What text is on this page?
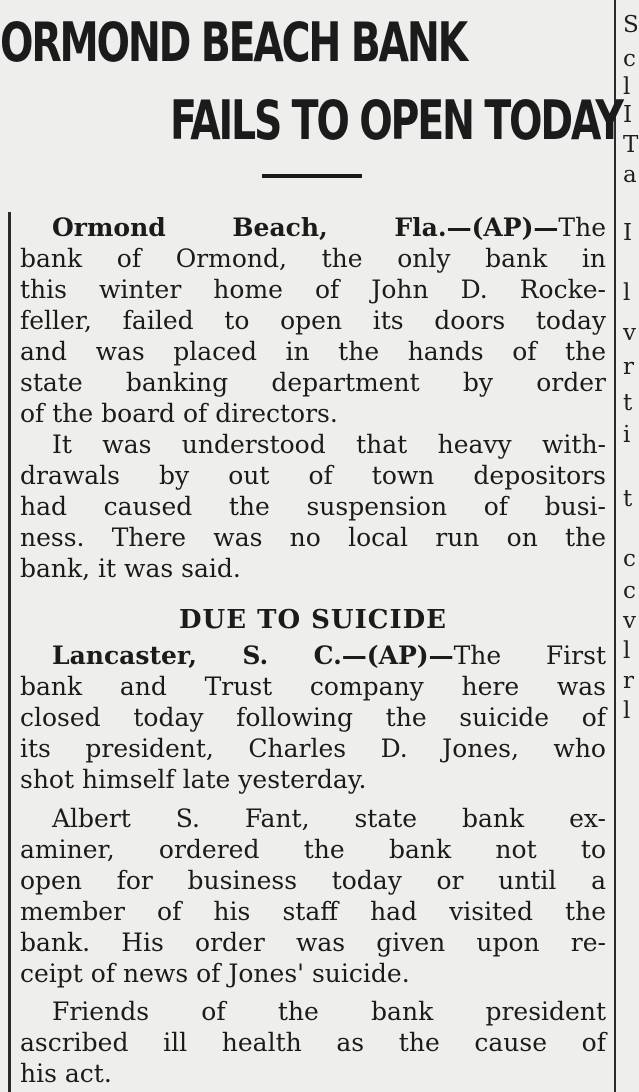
S
c
l
I
T
a
I
l
v
r
t
i
t
c
c
v
l
r
l
ORMOND BEACH BANK
FAILS TO OPEN TODAY
Ormond Beach, Fla.—(AP)—The
bank of Ormond, the only bank in
this winter home of John D. Rocke-
feller, failed to open its doors today
and was placed in the hands of the
state banking department by order
of the board of directors.
It was understood that heavy with-
drawals by out of town depositors
had caused the suspension of busi-
ness. There was no local run on the
bank, it was said.
DUE TO SUICIDE
Lancaster, S. C.—(AP)—The First
bank and Trust company here was
closed today following the suicide of
its president, Charles D. Jones, who
shot himself late yesterday.
Albert S. Fant, state bank ex-
aminer, ordered the bank not to
open for business today or until a
member of his staff had visited the
bank. His order was given upon re-
ceipt of news of Jones' suicide.
Friends of the bank president
ascribed ill health as the cause of
his act.
